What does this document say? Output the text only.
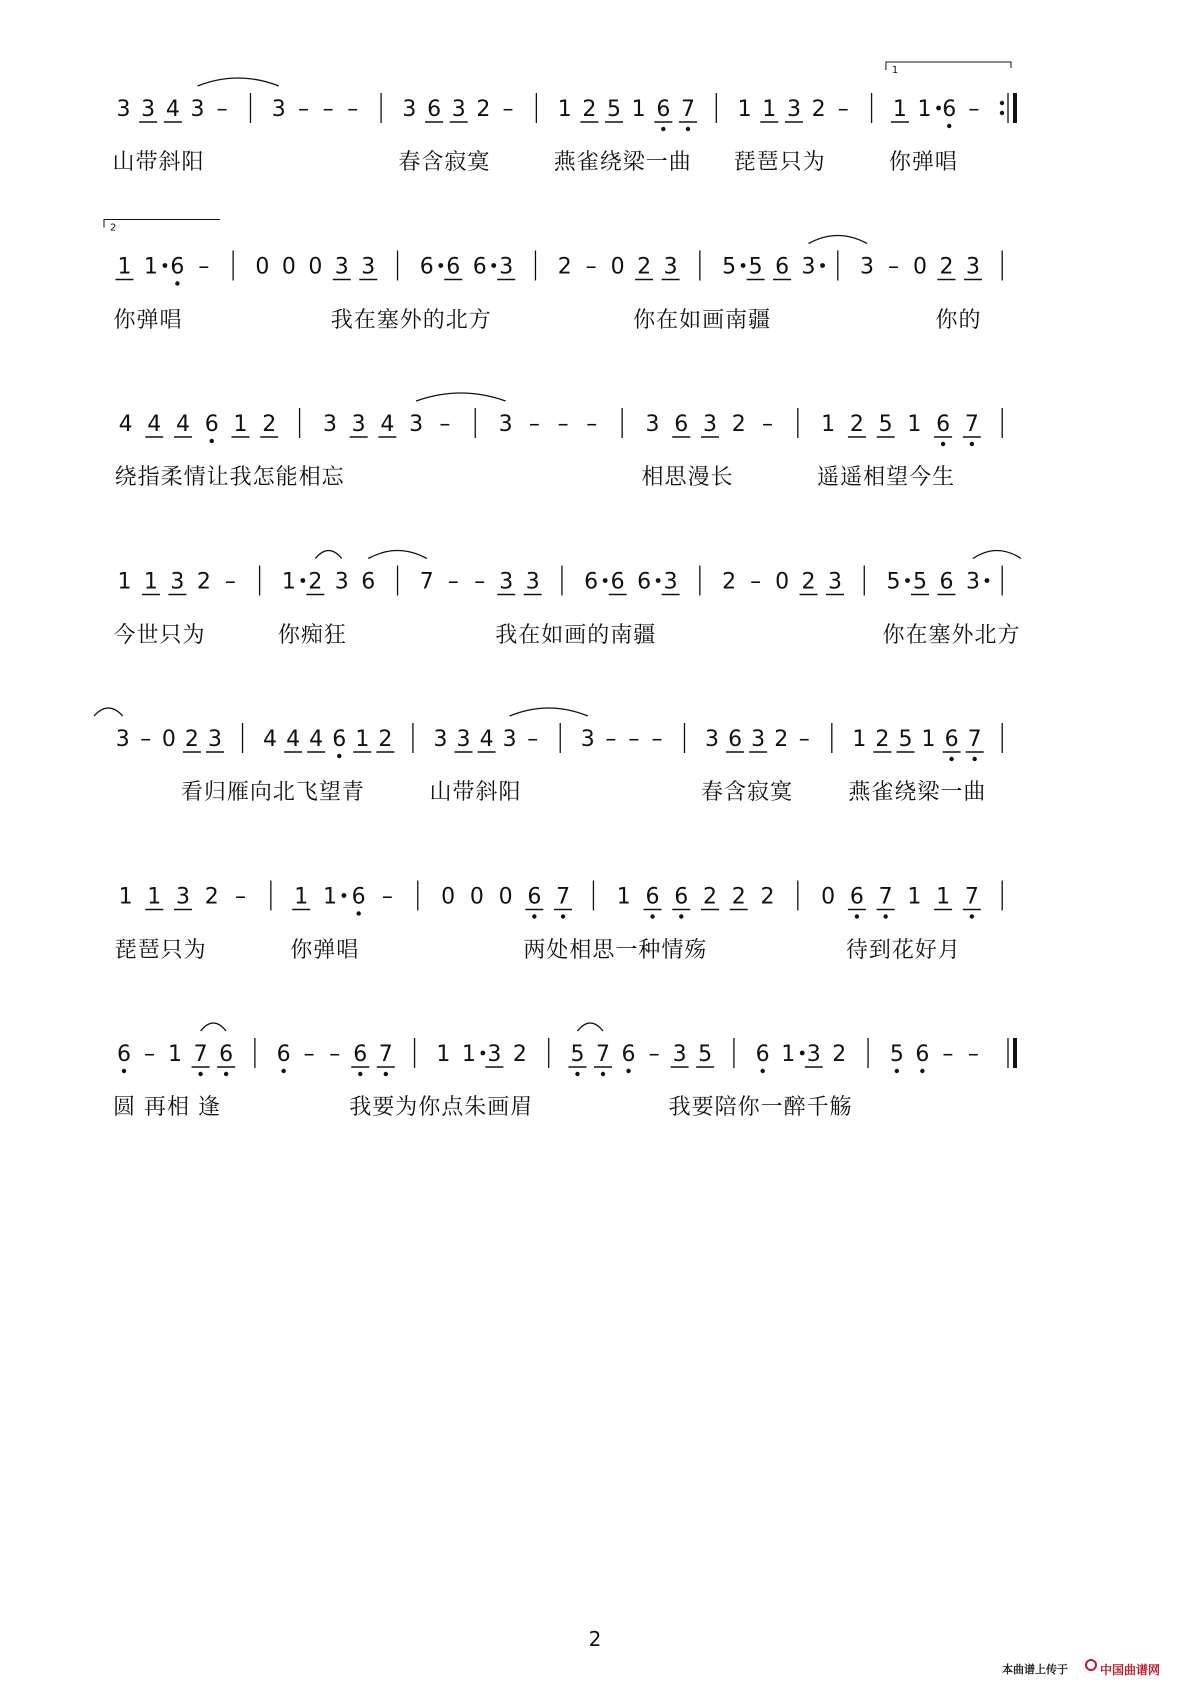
3 3 4 3 – 3 – – – 3 6 3 2 – 1 2 5 1 6 7 1 1 3 2 – 1 1 6 –
1
1 1 6 – 0 0 0 3 3 6 6 6 3 2 – 0 2 3 5 5 6 3 3 – 0 2 3
2
4 4 4 6 1 2 3 3 4 3 – 3 – – – 3 6 3 2 – 1 2 5 1 6 7
1 1 3 2 – 1 2 3 6 7 – – 3 3 6 6 6 3 2 – 0 2 3 5 5 6 3
3 – 0 2 3 4 4 4 6 1 2 3 3 4 3 – 3 – – – 3 6 3 2 – 1 2 5 1 6 7
1 1 3 2 – 1 1 6 – 0 0 0 6 7 1 6 6 2 2 2 0 6 7 1 1 7
6 – 1 7 6 6 – – 6 7 1 1 3 2 5 7 6 – 3 5 6 1 3 2 5 6 – –
山带斜阳	春含寂寞	燕雀绕梁一曲 琵琶只为	你弹唱
你弹唱	我在塞外的北方	你在如画南疆	你的
绕指柔情让我怎能相忘	相思漫长	遥遥相望今生
今世只为	你痴狂	我在如画的南疆	你在塞外北方
看归雁向北飞望青	山带斜阳	春含寂寞	燕雀绕梁一曲
琵琶只为	你弹唱	两处相思一种情殇	待到花好月
圆 再相 逢	我要为你点朱画眉	我要陪你一醉千觞
2
本曲谱上传于	中国曲谱网
